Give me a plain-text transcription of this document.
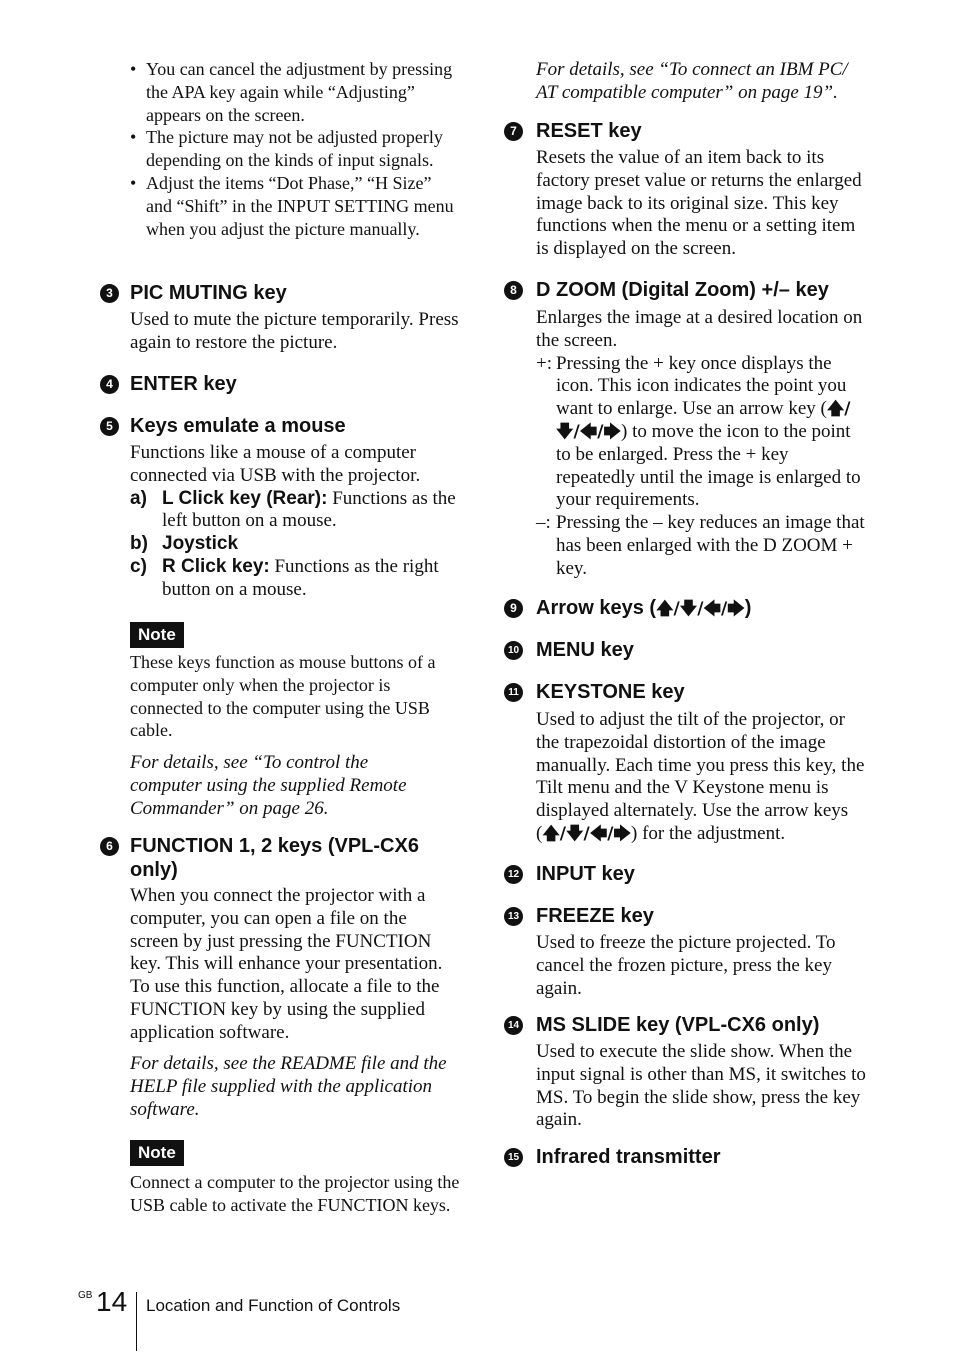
• You can cancel the adjustment by pressing the APA key again while “Adjusting” appears on the screen.
• The picture may not be adjusted properly depending on the kinds of input signals.
• Adjust the items “Dot Phase,” “H Size” and “Shift” in the INPUT SETTING menu when you adjust the picture manually.
3 PIC MUTING key

Used to mute the picture temporarily. Press again to restore the picture.

4 ENTER key
5 Keys emulate a mouse

Functions like a mouse of a computer connected via USB with the projector.

a) L Click key (Rear): Functions as the left button on a mouse.
b) Joystick
c) R Click key: Functions as the right button on a mouse.
Note

These keys function as mouse buttons of a computer only when the projector is connected to the computer using the USB cable.

For details, see “To control the computer using the supplied Remote Commander” on page 26.

6 FUNCTION 1, 2 keys (VPL-CX6 only)

When you connect the projector with a computer, you can open a file on the screen by just pressing the FUNCTION key. This will enhance your presentation. To use this function, allocate a file to the FUNCTION key by using the supplied application software.

For details, see the README file and the HELP file supplied with the application software.

Note

Connect a computer to the projector using the USB cable to activate the FUNCTION keys.

For details, see “To connect an IBM PC/ AT compatible computer” on page 19”.

7 RESET key

Resets the value of an item back to its factory preset value or returns the enlarged image back to its original size. This key functions when the menu or a setting item is displayed on the screen.

8 D ZOOM (Digital Zoom) +/– key

Enlarges the image at a desired location on the screen.

+: Pressing the + key once displays the icon. This icon indicates the point you want to enlarge. Use an arrow key (🡅/🡇/🡄/🡆) to move the icon to the point to be enlarged. Press the + key repeatedly until the image is enlarged to your requirements.
–: Pressing the – key reduces an image that has been enlarged with the D ZOOM + key.
9 Arrow keys (🡅/🡇/🡄/🡆)
10 MENU key
11 KEYSTONE key

Used to adjust the tilt of the projector, or the trapezoidal distortion of the image manually. Each time you press this key, the Tilt menu and the V Keystone menu is displayed alternately. Use the arrow keys (🡅/🡇/🡄/🡆) for the adjustment.

12 INPUT key
13 FREEZE key

Used to freeze the picture projected. To cancel the frozen picture, press the key again.

14 MS SLIDE key (VPL-CX6 only)

Used to execute the slide show. When the input signal is other than MS, it switches to MS. To begin the slide show, press the key again.

15 Infrared transmitter
GB 14 Location and Function of Controls
